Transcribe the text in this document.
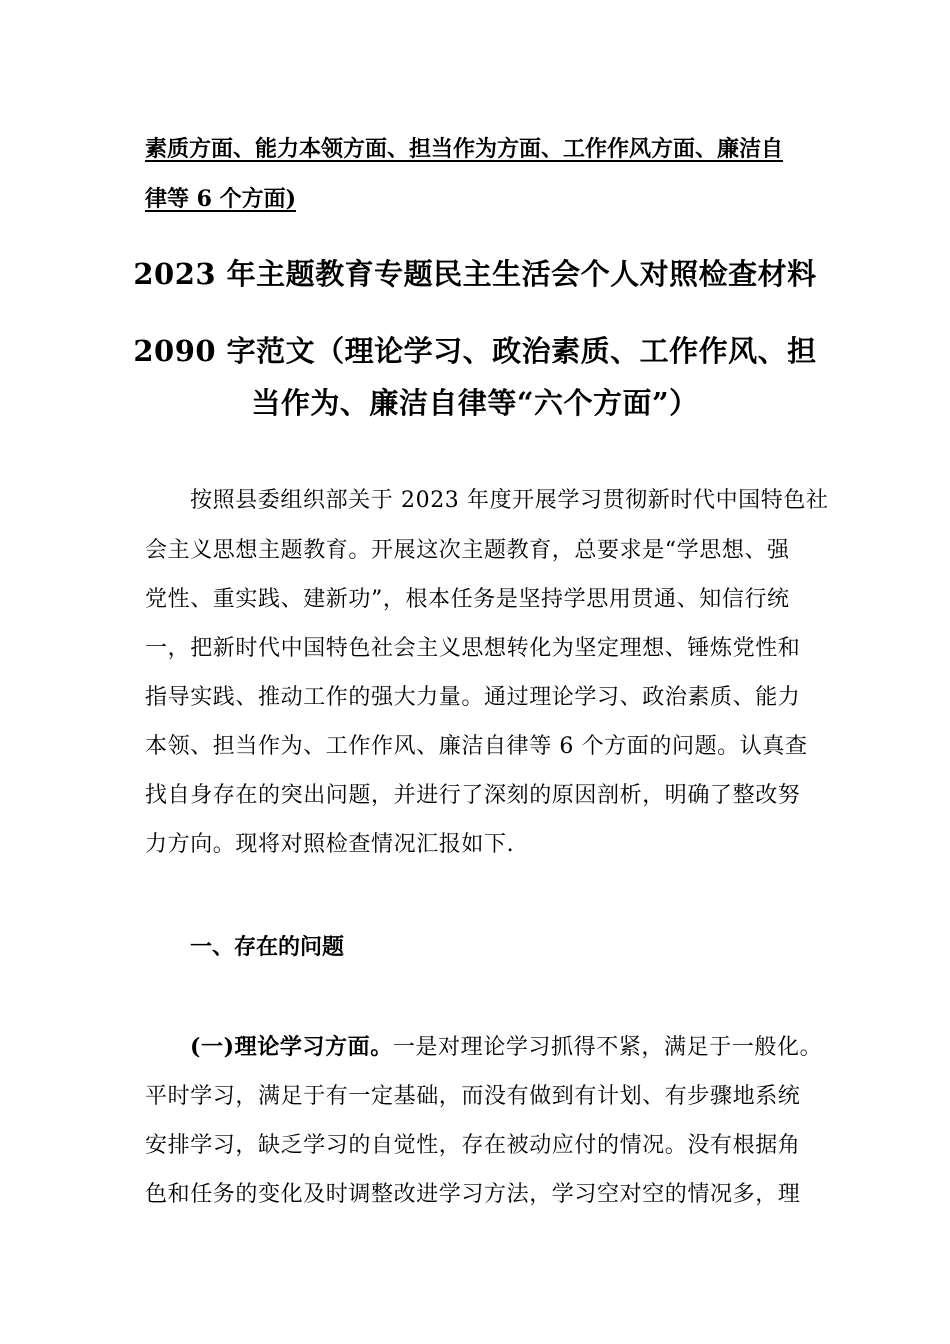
素质方面、能力本领方面、担当作为方面、工作作风方面、廉洁自
律等 6 个方面)
2023 年主题教育专题民主生活会个人对照检查材料
2090 字范文（理论学习、政治素质、工作作风、担
当作为、廉洁自律等“六个方面”）
按照县委组织部关于 2023 年度开展学习贯彻新时代中国特色社
会主义思想主题教育。开展这次主题教育，总要求是“学思想、强
党性、重实践、建新功”，根本任务是坚持学思用贯通、知信行统
一，把新时代中国特色社会主义思想转化为坚定理想、锤炼党性和
指导实践、推动工作的强大力量。通过理论学习、政治素质、能力
本领、担当作为、工作作风、廉洁自律等 6 个方面的问题。认真查
找自身存在的突出问题，并进行了深刻的原因剖析，明确了整改努
力方向。现将对照检查情况汇报如下.
一、存在的问题
(一)理论学习方面。一是对理论学习抓得不紧，满足于一般化。
平时学习，满足于有一定基础，而没有做到有计划、有步骤地系统
安排学习，缺乏学习的自觉性，存在被动应付的情况。没有根据角
色和任务的变化及时调整改进学习方法，学习空对空的情况多，理
